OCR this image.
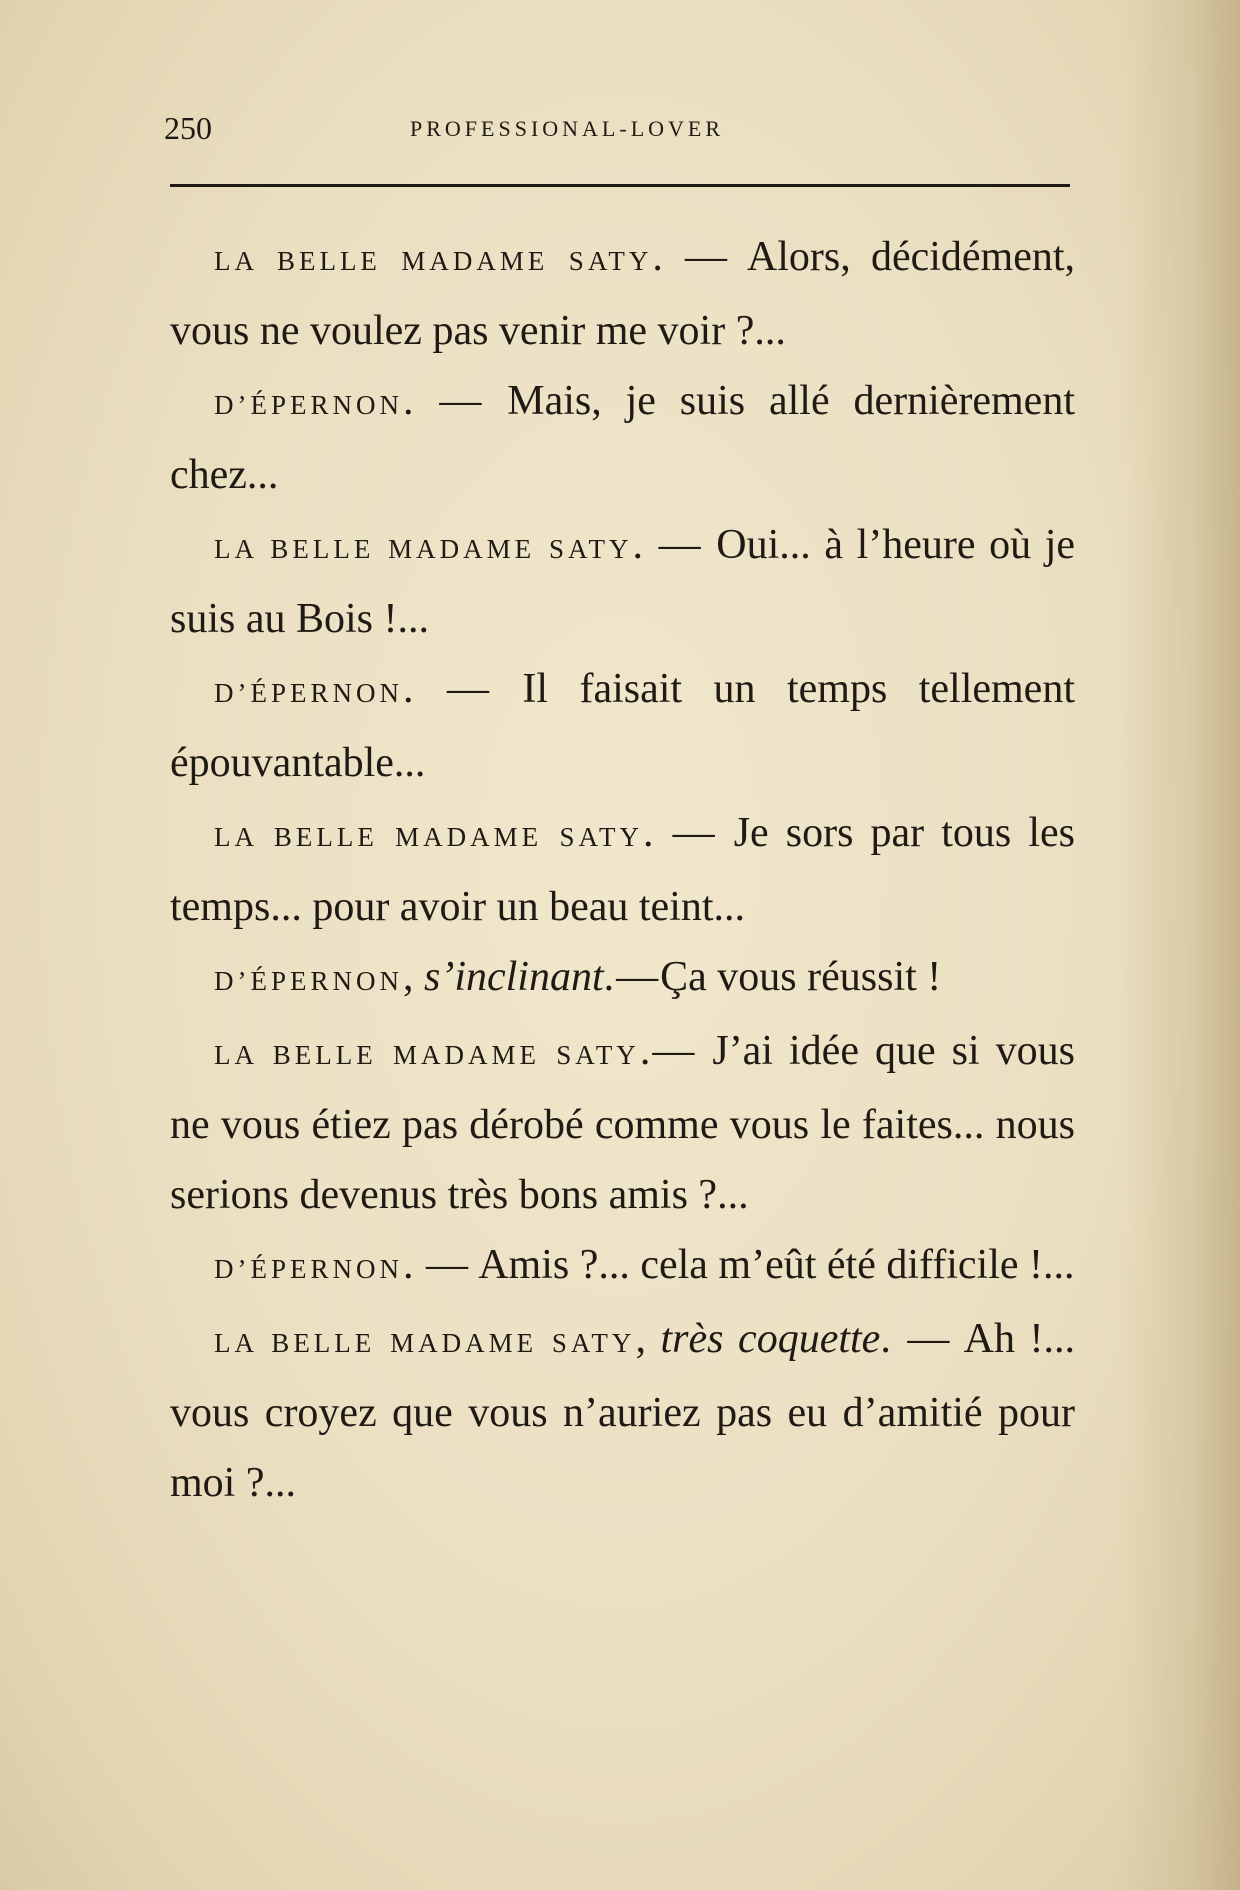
250	PROFESSIONAL-LOVER

LA BELLE MADAME SATY. — Alors, décidément, vous ne voulez pas venir me voir ?...

D’ÉPERNON. — Mais, je suis allé dernièrement chez...

LA BELLE MADAME SATY. — Oui... à l’heure où je suis au Bois !...

D’ÉPERNON. — Il faisait un temps tellement épouvantable...

LA BELLE MADAME SATY. — Je sors par tous les temps... pour avoir un beau teint...

D’ÉPERNON, s’inclinant.—Ça vous réussit !

LA BELLE MADAME SATY.— J’ai idée que si vous ne vous étiez pas dérobé comme vous le faites... nous serions devenus très bons amis ?...

D’ÉPERNON. — Amis ?... cela m’eût été difficile !...

LA BELLE MADAME SATY, très coquette. — Ah !... vous croyez que vous n’auriez pas eu d’amitié pour moi ?...
